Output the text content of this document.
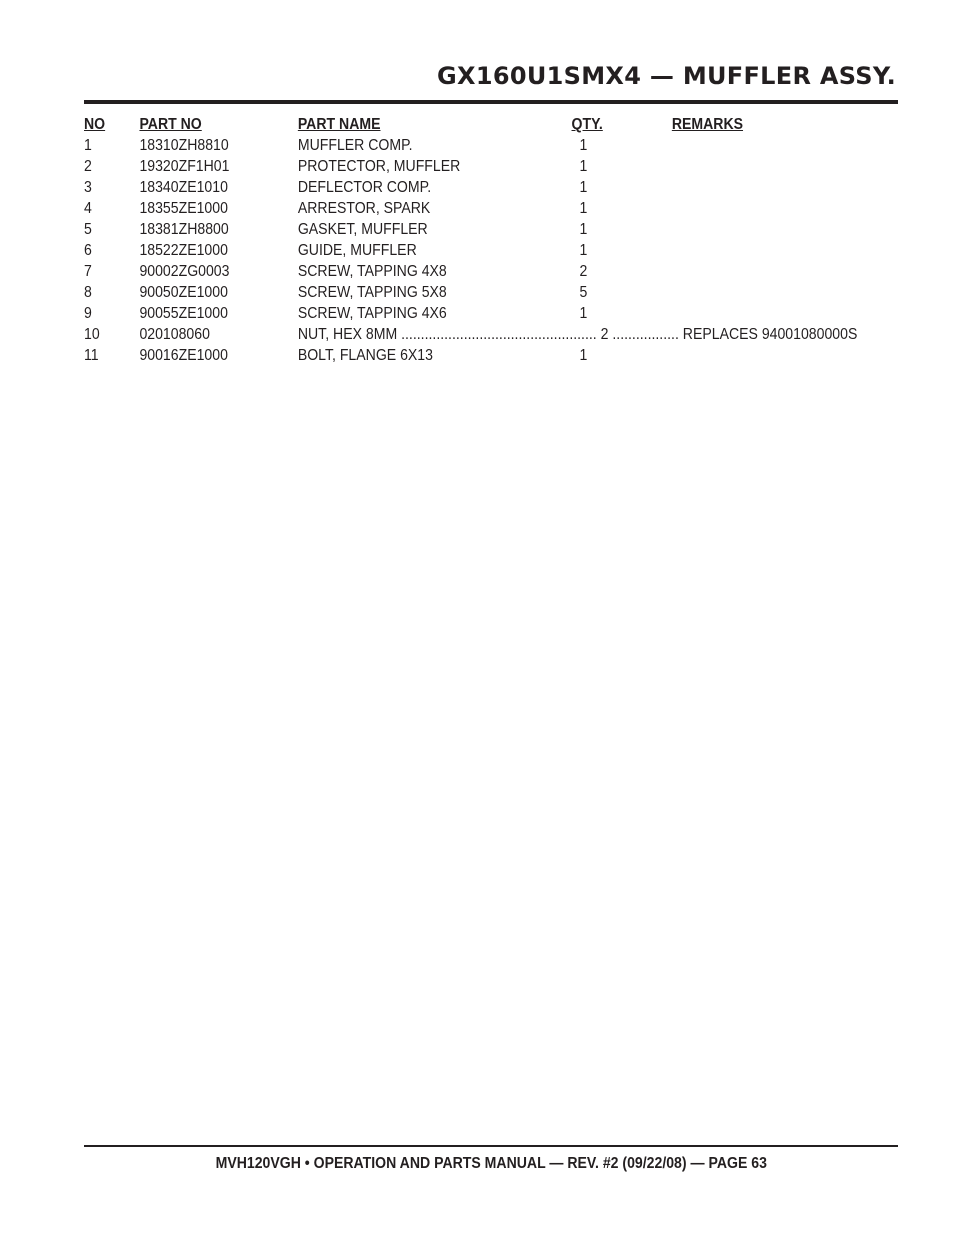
GX160U1SMX4 — MUFFLER ASSY.
NO PART NO	PART NAME	QTY.	REMARKS
1	18310ZH8810	MUFFLER COMP.	1
2	19320ZF1H01	PROTECTOR, MUFFLER	1
3	18340ZE1010	DEFLECTOR COMP.	1
4	18355ZE1000	ARRESTOR, SPARK	1
5	18381ZH8800	GASKET, MUFFLER	1
6	18522ZE1000	GUIDE, MUFFLER	1
7	90002ZG0003	SCREW, TAPPING 4X8	2
8	90050ZE1000	SCREW, TAPPING 5X8	5
9	90055ZE1000	SCREW, TAPPING 4X6	1
10 020108060	NUT, HEX 8MM .................................................. 2 ................. REPLACES 94001080000S
11	90016ZE1000	BOLT, FLANGE 6X13	1
MVH120VGH • OPERATION AND PARTS MANUAL — REV. #2 (09/22/08) — PAGE 63
